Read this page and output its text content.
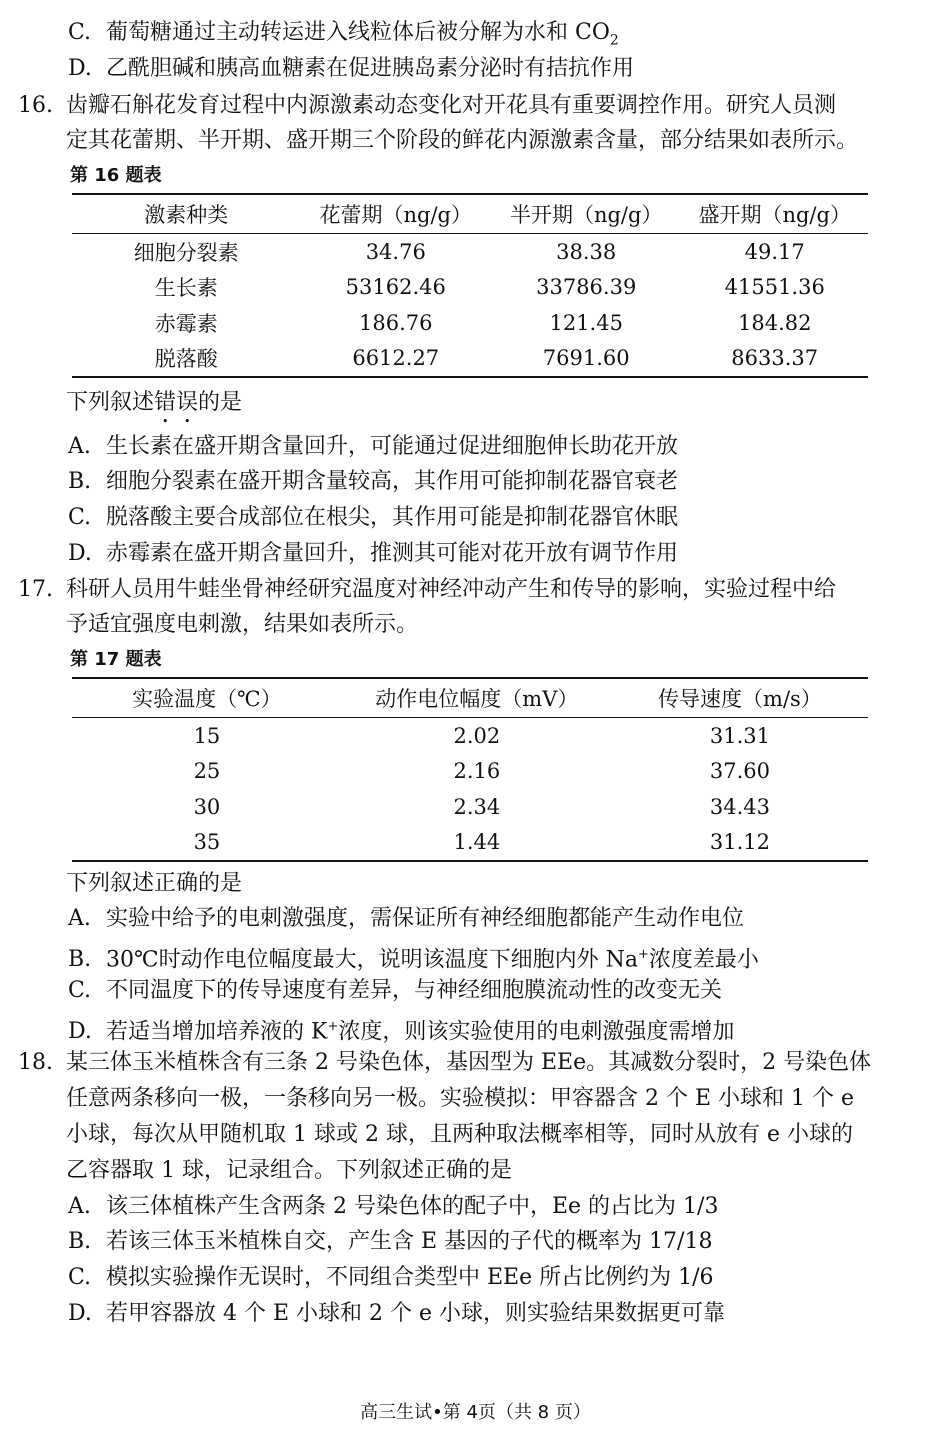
C. 葡萄糖通过主动转运进入线粒体后被分解为水和 $CO_2$
D. 乙酰胆碱和胰高血糖素在促进胰岛素分泌时有拮抗作用
16. 齿瓣石斛花发育过程中内源激素动态变化对开花具有重要调控作用。研究人员测
定其花蕾期、半开期、盛开期三个阶段的鲜花内源激素含量，部分结果如表所示。
第 16 题表
激素种类	花蕾期（ng/g）	半开期（ng/g）	盛开期（ng/g）
细胞分裂素	34.76	38.38	49.17
生长素	53162.46	33786.39	41551.36
赤霉素	186.76	121.45	184.82
脱落酸	6612.27	7691.60	8633.37
下列叙述错误的是
A. 生长素在盛开期含量回升，可能通过促进细胞伸长助花开放
B. 细胞分裂素在盛开期含量较高，其作用可能抑制花器官衰老
C. 脱落酸主要合成部位在根尖，其作用可能是抑制花器官休眠
D. 赤霉素在盛开期含量回升，推测其可能对花开放有调节作用
17. 科研人员用牛蛙坐骨神经研究温度对神经冲动产生和传导的影响，实验过程中给
予适宜强度电刺激，结果如表所示。
第 17 题表
实验温度（℃）	动作电位幅度（mV）	传导速度（m/s）
15	2.02	31.31
25	2.16	37.60
30	2.34	34.43
35	1.44	31.12
下列叙述正确的是
A. 实验中给予的电刺激强度，需保证所有神经细胞都能产生动作电位
B. 30℃时动作电位幅度最大，说明该温度下细胞内外 Na+浓度差最小
C. 不同温度下的传导速度有差异，与神经细胞膜流动性的改变无关
D. 若适当增加培养液的 K+浓度，则该实验使用的电刺激强度需增加
18. 某三体玉米植株含有三条 2 号染色体，基因型为 EEe。其减数分裂时，2 号染色体
任意两条移向一极，一条移向另一极。实验模拟：甲容器含 2 个 E 小球和 1 个 e
小球，每次从甲随机取 1 球或 2 球，且两种取法概率相等，同时从放有 e 小球的
乙容器取 1 球，记录组合。下列叙述正确的是
A. 该三体植株产生含两条 2 号染色体的配子中，Ee 的占比为 1/3
B. 若该三体玉米植株自交，产生含 E 基因的子代的概率为 17/18
C. 模拟实验操作无误时，不同组合类型中 EEe 所占比例约为 1/6
D. 若甲容器放 4 个 E 小球和 2 个 e 小球，则实验结果数据更可靠
高三生试•第 4页（共 8 页）
